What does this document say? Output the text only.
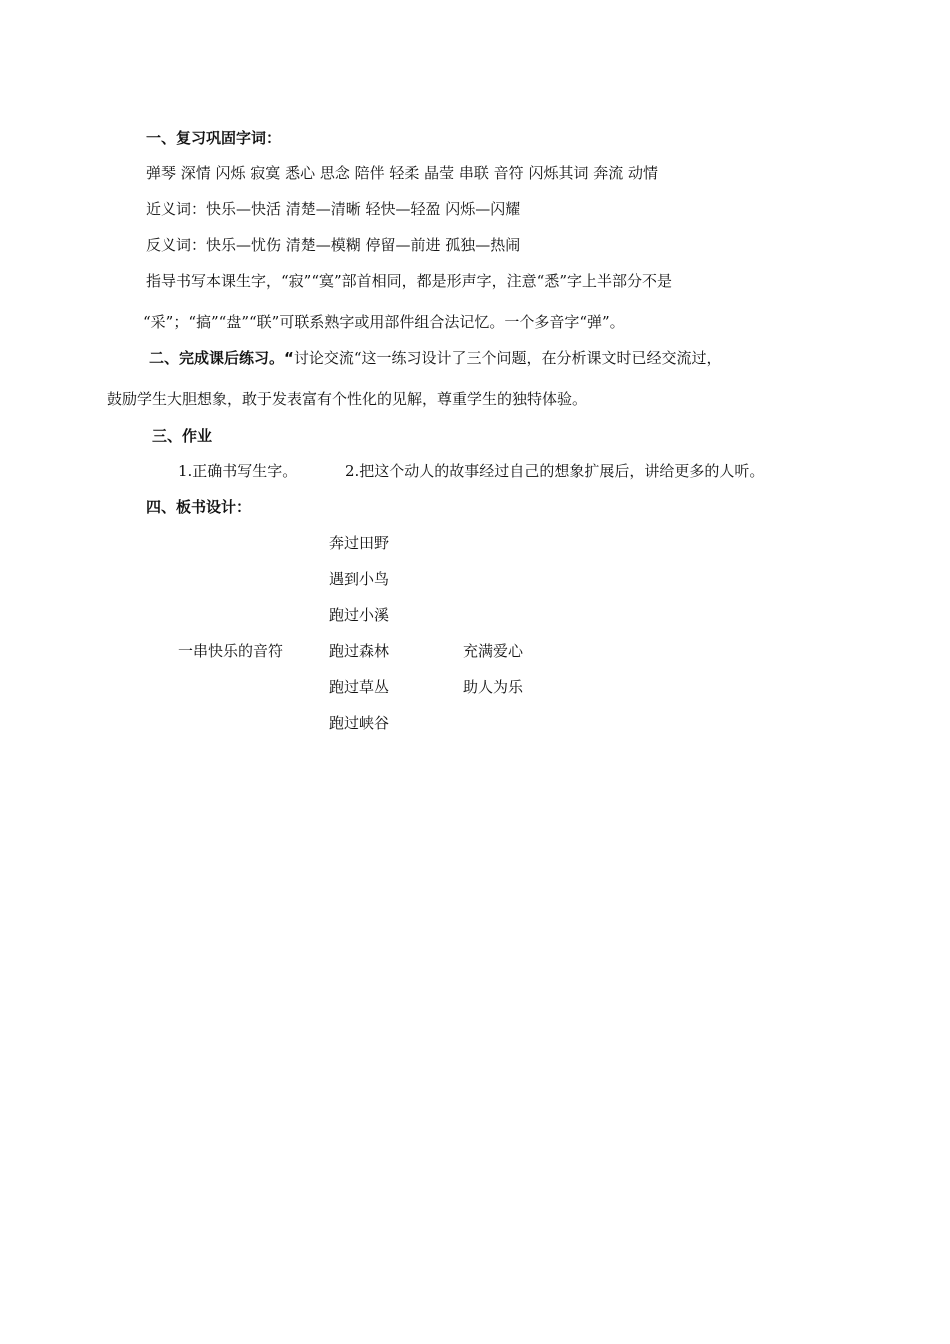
一、复习巩固字词：
弹琴 深情 闪烁 寂寞 悉心 思念 陪伴 轻柔 晶莹 串联 音符 闪烁其词 奔流 动情
近义词：快乐—快活 清楚—清晰 轻快—轻盈 闪烁—闪耀
反义词：快乐—忧伤 清楚—模糊 停留—前进 孤独—热闹
指导书写本课生字，“寂”“寞”部首相同，都是形声字，注意“悉”字上半部分不是
“采”；“搞”“盘”“联”可联系熟字或用部件组合法记忆。一个多音字“弹”。
二、完成课后练习。“讨论交流“这一练习设计了三个问题，在分析课文时已经交流过，
鼓励学生大胆想象，敢于发表富有个性化的见解，尊重学生的独特体验。
三、作业
1.正确书写生字。	2.把这个动人的故事经过自己的想象扩展后，讲给更多的人听。
四、板书设计：
奔过田野
遇到小鸟
跑过小溪
一串快乐的音符	跑过森林	充满爱心
跑过草丛	助人为乐
跑过峡谷
